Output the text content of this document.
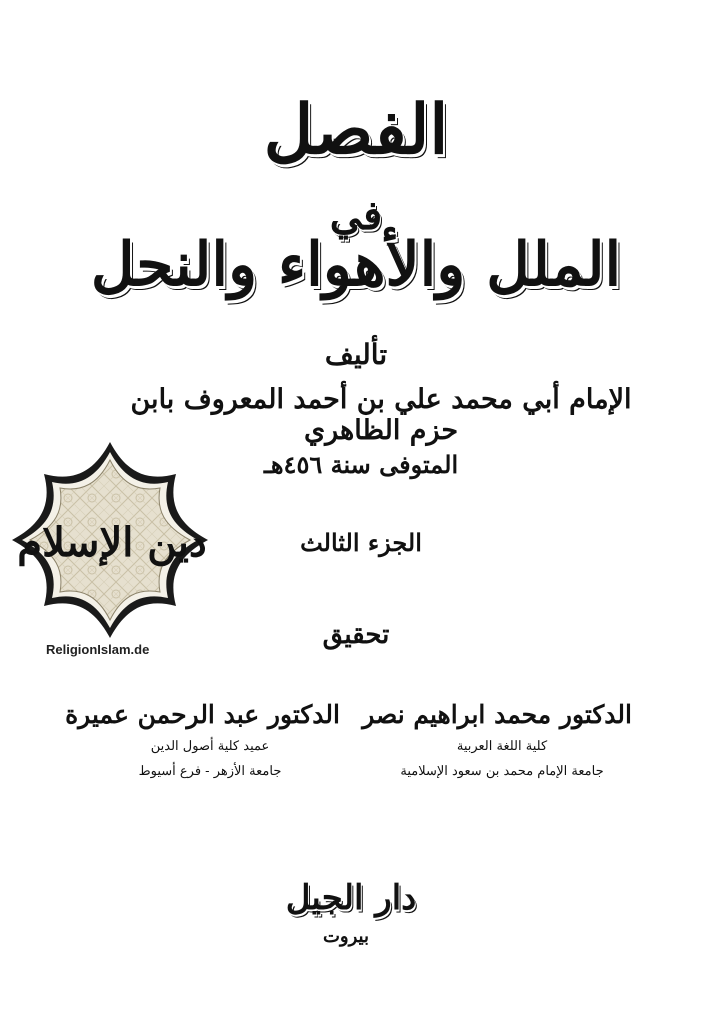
الفصل
في
الملل والأهواء والنحل
تأليف
الإمام أبي محمد علي بن أحمد المعروف بابن حزم الظاهري
المتوفى سنة ٤٥٦هـ
الجزء الثالث
دين الإسلام
ReligionIslam.de	تحقيق
الدكتور محمد ابراهيم نصر
كلية اللغة العربية
جامعة الإمام محمد بن سعود الإسلامية
الدكتور عبد الرحمن عميرة
عميد كلية أصول الدين
جامعة الأزهر - فرع أسيوط
دار الجيل
بيروت
